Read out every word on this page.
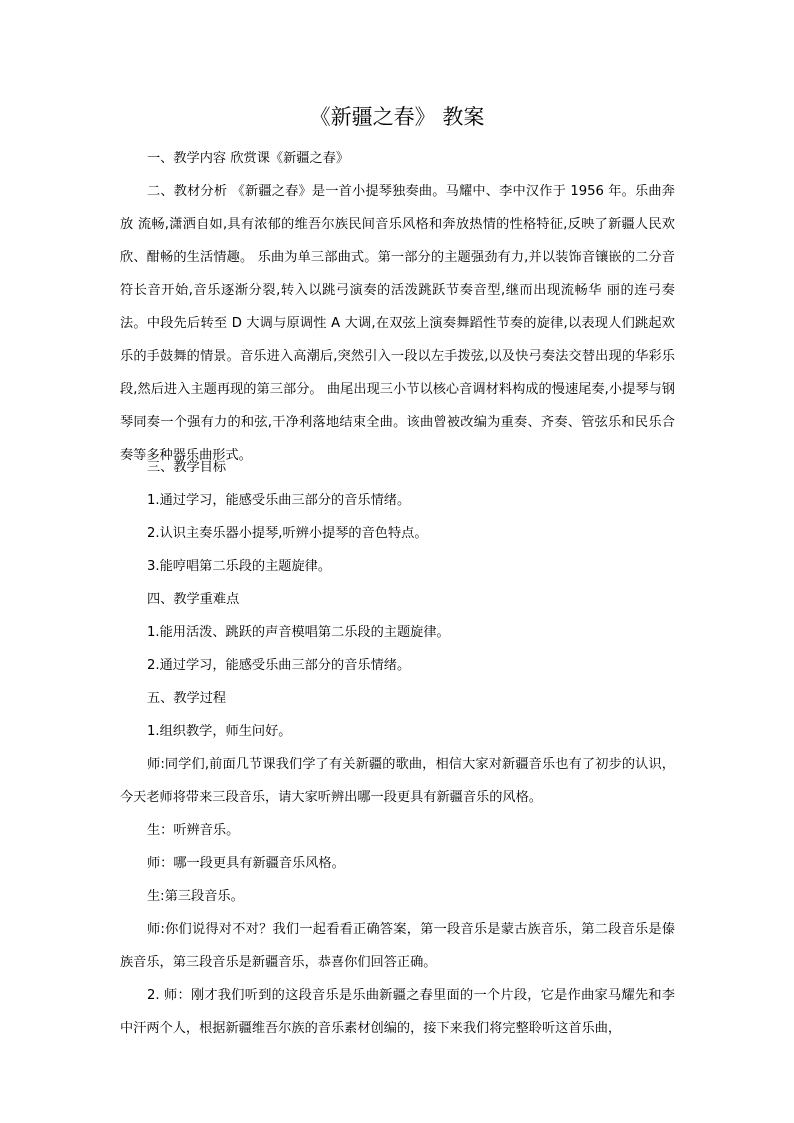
《新疆之春》 教案

一、教学内容 欣赏课《新疆之春》

二、教材分析 《新疆之春》是一首小提琴独奏曲。马耀中、李中汉作于 1956 年。乐曲奔放 流畅,潇洒自如,具有浓郁的维吾尔族民间音乐风格和奔放热情的性格特征,反映了新疆人民欢欣、酣畅的生活情趣。 乐曲为单三部曲式。第一部分的主题强劲有力,并以装饰音镶嵌的二分音符长音开始,音乐逐渐分裂,转入以跳弓演奏的活泼跳跃节奏音型,继而出现流畅华 丽的连弓奏法。中段先后转至 D 大调与原调性 A 大调,在双弦上演奏舞蹈性节奏的旋律,以表现人们跳起欢乐的手鼓舞的情景。音乐进入高潮后,突然引入一段以左手拨弦,以及快弓奏法交替出现的华彩乐段,然后进入主题再现的第三部分。 曲尾出现三小节以核心音调材料构成的慢速尾奏,小提琴与钢琴同奏一个强有力的和弦,干净利落地结束全曲。该曲曾被改编为重奏、齐奏、管弦乐和民乐合奏等多种器乐曲形式。

三、教学目标

1.通过学习，能感受乐曲三部分的音乐情绪。

2.认识主奏乐器小提琴,听辨小提琴的音色特点。

3.能哼唱第二乐段的主题旋律。

四、教学重难点

1.能用活泼、跳跃的声音模唱第二乐段的主题旋律。

2.通过学习，能感受乐曲三部分的音乐情绪。

五、教学过程

1.组织教学，师生问好。

师:同学们,前面几节课我们学了有关新疆的歌曲，相信大家对新疆音乐也有了初步的认识，今天老师将带来三段音乐，请大家听辨出哪一段更具有新疆音乐的风格。

生：听辨音乐。

师：哪一段更具有新疆音乐风格。

生:第三段音乐。

师:你们说得对不对？我们一起看看正确答案，第一段音乐是蒙古族音乐，第二段音乐是傣族音乐，第三段音乐是新疆音乐，恭喜你们回答正确。

2. 师：刚才我们听到的这段音乐是乐曲新疆之春里面的一个片段，它是作曲家马耀先和李中汗两个人，根据新疆维吾尔族的音乐素材创编的，接下来我们将完整聆听这首乐曲，
